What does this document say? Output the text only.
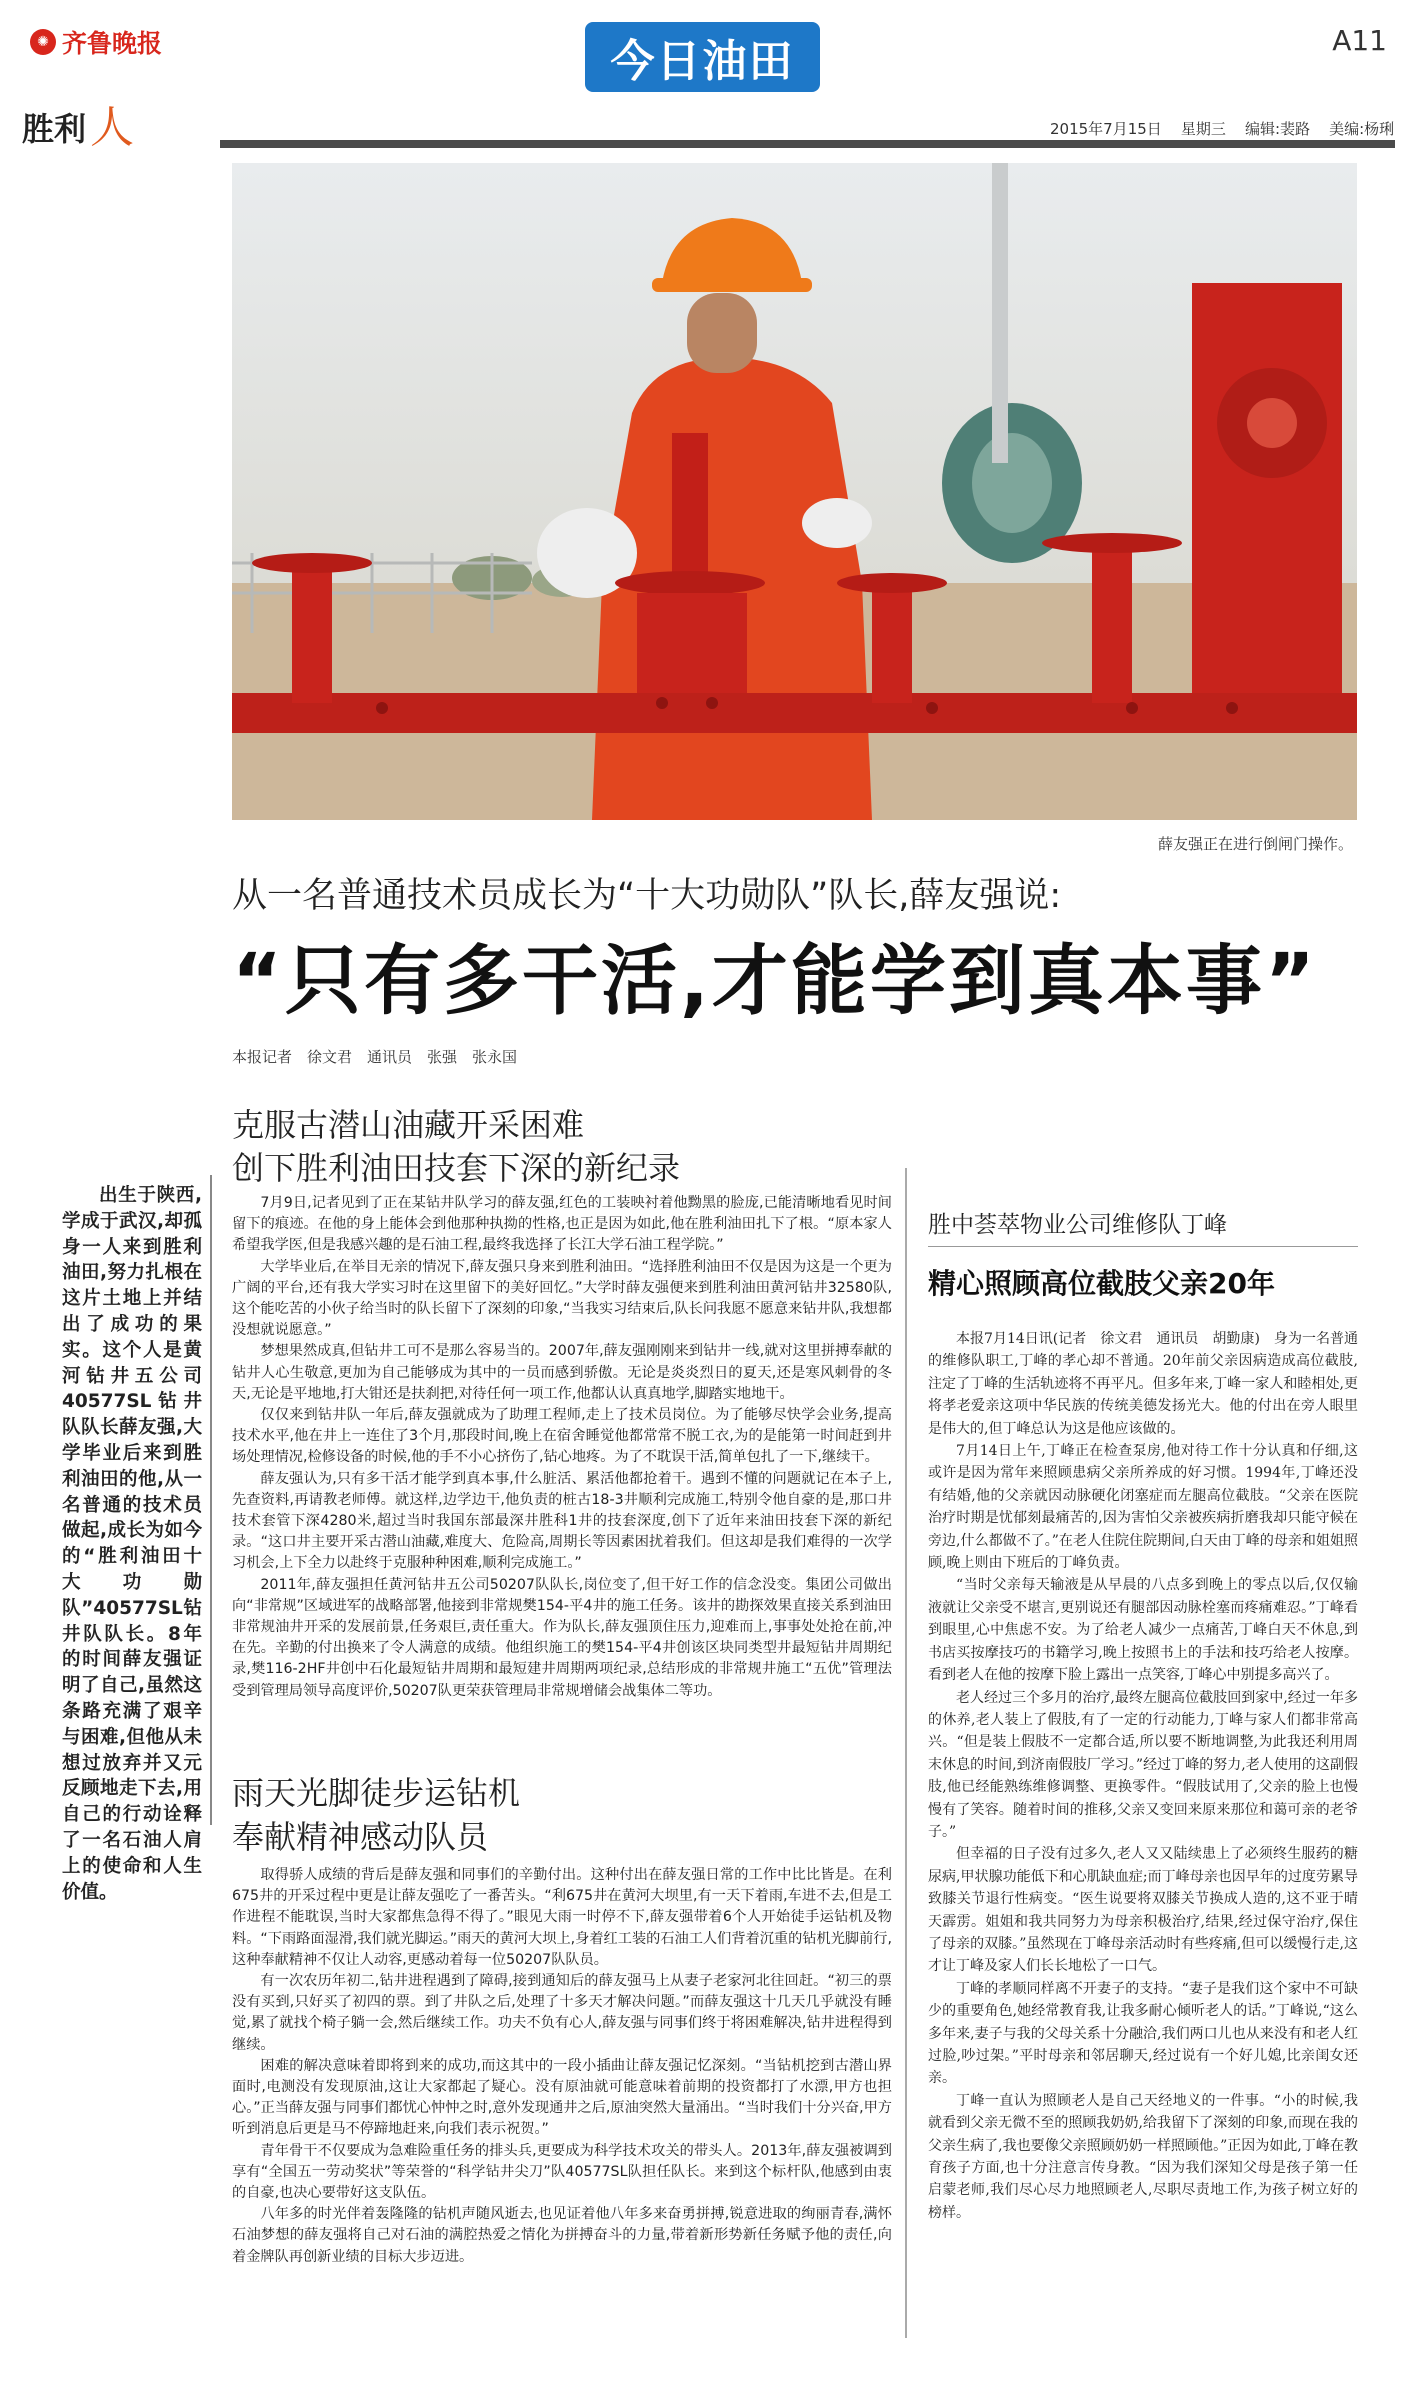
✺ 齐鲁晚报	今日油田	A11
胜利 人	2015年7月15日 星期三 编辑:裴路 美编:杨琍
薛友强正在进行倒闸门操作。
从一名普通技术员成长为“十大功勋队”队长,薛友强说:
“只有多干活,才能学到真本事”
本报记者　徐文君　通讯员　张强　张永国
克服古潜山油藏开采困难
创下胜利油田技套下深的新纪录

出生于陕西,学成于武汉,却孤身一人来到胜利油田,努力扎根在这片土地上并结出了成功的果实。这个人是黄河钻井五公司40577SL钻井队队长薛友强,大学毕业后来到胜利油田的他,从一名普通的技术员做起,成长为如今的“胜利油田十大功勋队”40577SL钻井队队长。8年的时间薛友强证明了自己,虽然这条路充满了艰辛与困难,但他从未想过放弃并又元反顾地走下去,用自己的行动诠释了一名石油人肩上的使命和人生价值。

7月9日,记者见到了正在某钻井队学习的薛友强,红色的工装映衬着他黝黑的脸庞,已能清晰地看见时间留下的痕迹。在他的身上能体会到他那种执拗的性格,也正是因为如此,他在胜利油田扎下了根。“原本家人希望我学医,但是我感兴趣的是石油工程,最终我选择了长江大学石油工程学院。”

大学毕业后,在举目无亲的情况下,薛友强只身来到胜利油田。“选择胜利油田不仅是因为这是一个更为广阔的平台,还有我大学实习时在这里留下的美好回忆。”大学时薛友强便来到胜利油田黄河钻井32580队,这个能吃苦的小伙子给当时的队长留下了深刻的印象,“当我实习结束后,队长问我愿不愿意来钻井队,我想都没想就说愿意。”

梦想果然成真,但钻井工可不是那么容易当的。2007年,薛友强刚刚来到钻井一线,就对这里拼搏奉献的钻井人心生敬意,更加为自己能够成为其中的一员而感到骄傲。无论是炎炎烈日的夏天,还是寒风刺骨的冬天,无论是平地地,打大钳还是扶刹把,对待任何一项工作,他都认认真真地学,脚踏实地地干。

仅仅来到钻井队一年后,薛友强就成为了助理工程师,走上了技术员岗位。为了能够尽快学会业务,提高技术水平,他在井上一连住了3个月,那段时间,晚上在宿舍睡觉他都常常不脱工衣,为的是能第一时间赶到井场处理情况,检修设备的时候,他的手不小心挤伤了,钻心地疼。为了不耽误干活,简单包扎了一下,继续干。

薛友强认为,只有多干活才能学到真本事,什么脏活、累活他都抢着干。遇到不懂的问题就记在本子上,先查资料,再请教老师傅。就这样,边学边干,他负责的桩古18-3井顺利完成施工,特别令他自豪的是,那口井技术套管下深4280米,超过当时我国东部最深井胜科1井的技套深度,创下了近年来油田技套下深的新纪录。“这口井主要开采古潜山油藏,难度大、危险高,周期长等因素困扰着我们。但这却是我们难得的一次学习机会,上下全力以赴终于克服种种困难,顺利完成施工。”

2011年,薛友强担任黄河钻井五公司50207队队长,岗位变了,但干好工作的信念没变。集团公司做出向“非常规”区域进军的战略部署,他接到非常规樊154-平4井的施工任务。该井的勘探效果直接关系到油田非常规油井开采的发展前景,任务艰巨,责任重大。作为队长,薛友强顶住压力,迎难而上,事事处处抢在前,冲在先。辛勤的付出换来了令人满意的成绩。他组织施工的樊154-平4井创该区块同类型井最短钻井周期纪录,樊116-2HF井创中石化最短钻井周期和最短建井周期两项纪录,总结形成的非常规井施工“五优”管理法受到管理局领导高度评价,50207队更荣获管理局非常规增储会战集体二等功。

雨天光脚徒步运钻机
奉献精神感动队员

取得骄人成绩的背后是薛友强和同事们的辛勤付出。这种付出在薛友强日常的工作中比比皆是。在利675井的开采过程中更是让薛友强吃了一番苦头。“利675井在黄河大坝里,有一天下着雨,车进不去,但是工作进程不能耽误,当时大家都焦急得不得了。”眼见大雨一时停不下,薛友强带着6个人开始徒手运钻机及物料。“下雨路面湿滑,我们就光脚运。”雨天的黄河大坝上,身着红工装的石油工人们背着沉重的钻机光脚前行,这种奉献精神不仅让人动容,更感动着每一位50207队队员。

有一次农历年初二,钻井进程遇到了障碍,接到通知后的薛友强马上从妻子老家河北往回赶。“初三的票没有买到,只好买了初四的票。到了井队之后,处理了十多天才解决问题。”而薛友强这十几天几乎就没有睡觉,累了就找个椅子躺一会,然后继续工作。功夫不负有心人,薛友强与同事们终于将困难解决,钻井进程得到继续。

困难的解决意味着即将到来的成功,而这其中的一段小插曲让薛友强记忆深刻。“当钻机挖到古潜山界面时,电测没有发现原油,这让大家都起了疑心。没有原油就可能意味着前期的投资都打了水漂,甲方也担心。”正当薛友强与同事们都忧心忡忡之时,意外发现通井之后,原油突然大量涌出。“当时我们十分兴奋,甲方听到消息后更是马不停蹄地赶来,向我们表示祝贺。”

青年骨干不仅要成为急难险重任务的排头兵,更要成为科学技术攻关的带头人。2013年,薛友强被调到享有“全国五一劳动奖状”等荣誉的“科学钻井尖刀”队40577SL队担任队长。来到这个标杆队,他感到由衷的自豪,也决心要带好这支队伍。

八年多的时光伴着轰隆隆的钻机声随风逝去,也见证着他八年多来奋勇拼搏,锐意进取的绚丽青春,满怀石油梦想的薛友强将自己对石油的满腔热爱之情化为拼搏奋斗的力量,带着新形势新任务赋予他的责任,向着金牌队再创新业绩的目标大步迈进。

胜中荟萃物业公司维修队丁峰
精心照顾高位截肢父亲20年

本报7月14日讯(记者　徐文君　通讯员　胡勤康)　身为一名普通的维修队职工,丁峰的孝心却不普通。20年前父亲因病造成高位截肢,注定了丁峰的生活轨迹将不再平凡。但多年来,丁峰一家人和睦相处,更将孝老爱亲这项中华民族的传统美德发扬光大。他的付出在旁人眼里是伟大的,但丁峰总认为这是他应该做的。

7月14日上午,丁峰正在检查泵房,他对待工作十分认真和仔细,这或许是因为常年来照顾患病父亲所养成的好习惯。1994年,丁峰还没有结婚,他的父亲就因动脉硬化闭塞症而左腿高位截肢。“父亲在医院治疗时期是忧郁刻最痛苦的,因为害怕父亲被疾病折磨我却只能守候在旁边,什么都做不了。”在老人住院住院期间,白天由丁峰的母亲和姐姐照顾,晚上则由下班后的丁峰负责。

“当时父亲每天输液是从早晨的八点多到晚上的零点以后,仅仅输液就让父亲受不堪言,更别说还有腿部因动脉栓塞而疼痛难忍。”丁峰看到眼里,心中焦虑不安。为了给老人减少一点痛苦,丁峰白天不休息,到书店买按摩技巧的书籍学习,晚上按照书上的手法和技巧给老人按摩。看到老人在他的按摩下脸上露出一点笑容,丁峰心中别提多高兴了。

老人经过三个多月的治疗,最终左腿高位截肢回到家中,经过一年多的休养,老人装上了假肢,有了一定的行动能力,丁峰与家人们都非常高兴。“但是装上假肢不一定都合适,所以要不断地调整,为此我还利用周末休息的时间,到济南假肢厂学习。”经过丁峰的努力,老人使用的这副假肢,他已经能熟练维修调整、更换零件。“假肢试用了,父亲的脸上也慢慢有了笑容。随着时间的推移,父亲又变回来原来那位和蔼可亲的老爷子。”

但幸福的日子没有过多久,老人又又陆续患上了必须终生服药的糖尿病,甲状腺功能低下和心肌缺血症;而丁峰母亲也因早年的过度劳累导致膝关节退行性病变。“医生说要将双膝关节换成人造的,这不亚于晴天霹雳。姐姐和我共同努力为母亲积极治疗,结果,经过保守治疗,保住了母亲的双膝。”虽然现在丁峰母亲活动时有些疼痛,但可以缓慢行走,这才让丁峰及家人们长长地松了一口气。

丁峰的孝顺同样离不开妻子的支持。“妻子是我们这个家中不可缺少的重要角色,她经常教育我,让我多耐心倾听老人的话。”丁峰说,“这么多年来,妻子与我的父母关系十分融洽,我们两口儿也从来没有和老人红过脸,吵过架。”平时母亲和邻居聊天,经过说有一个好儿媳,比亲闺女还亲。

丁峰一直认为照顾老人是自己天经地义的一件事。“小的时候,我就看到父亲无微不至的照顾我奶奶,给我留下了深刻的印象,而现在我的父亲生病了,我也要像父亲照顾奶奶一样照顾他。”正因为如此,丁峰在教育孩子方面,也十分注意言传身教。“因为我们深知父母是孩子第一任启蒙老师,我们尽心尽力地照顾老人,尽职尽责地工作,为孩子树立好的榜样。
